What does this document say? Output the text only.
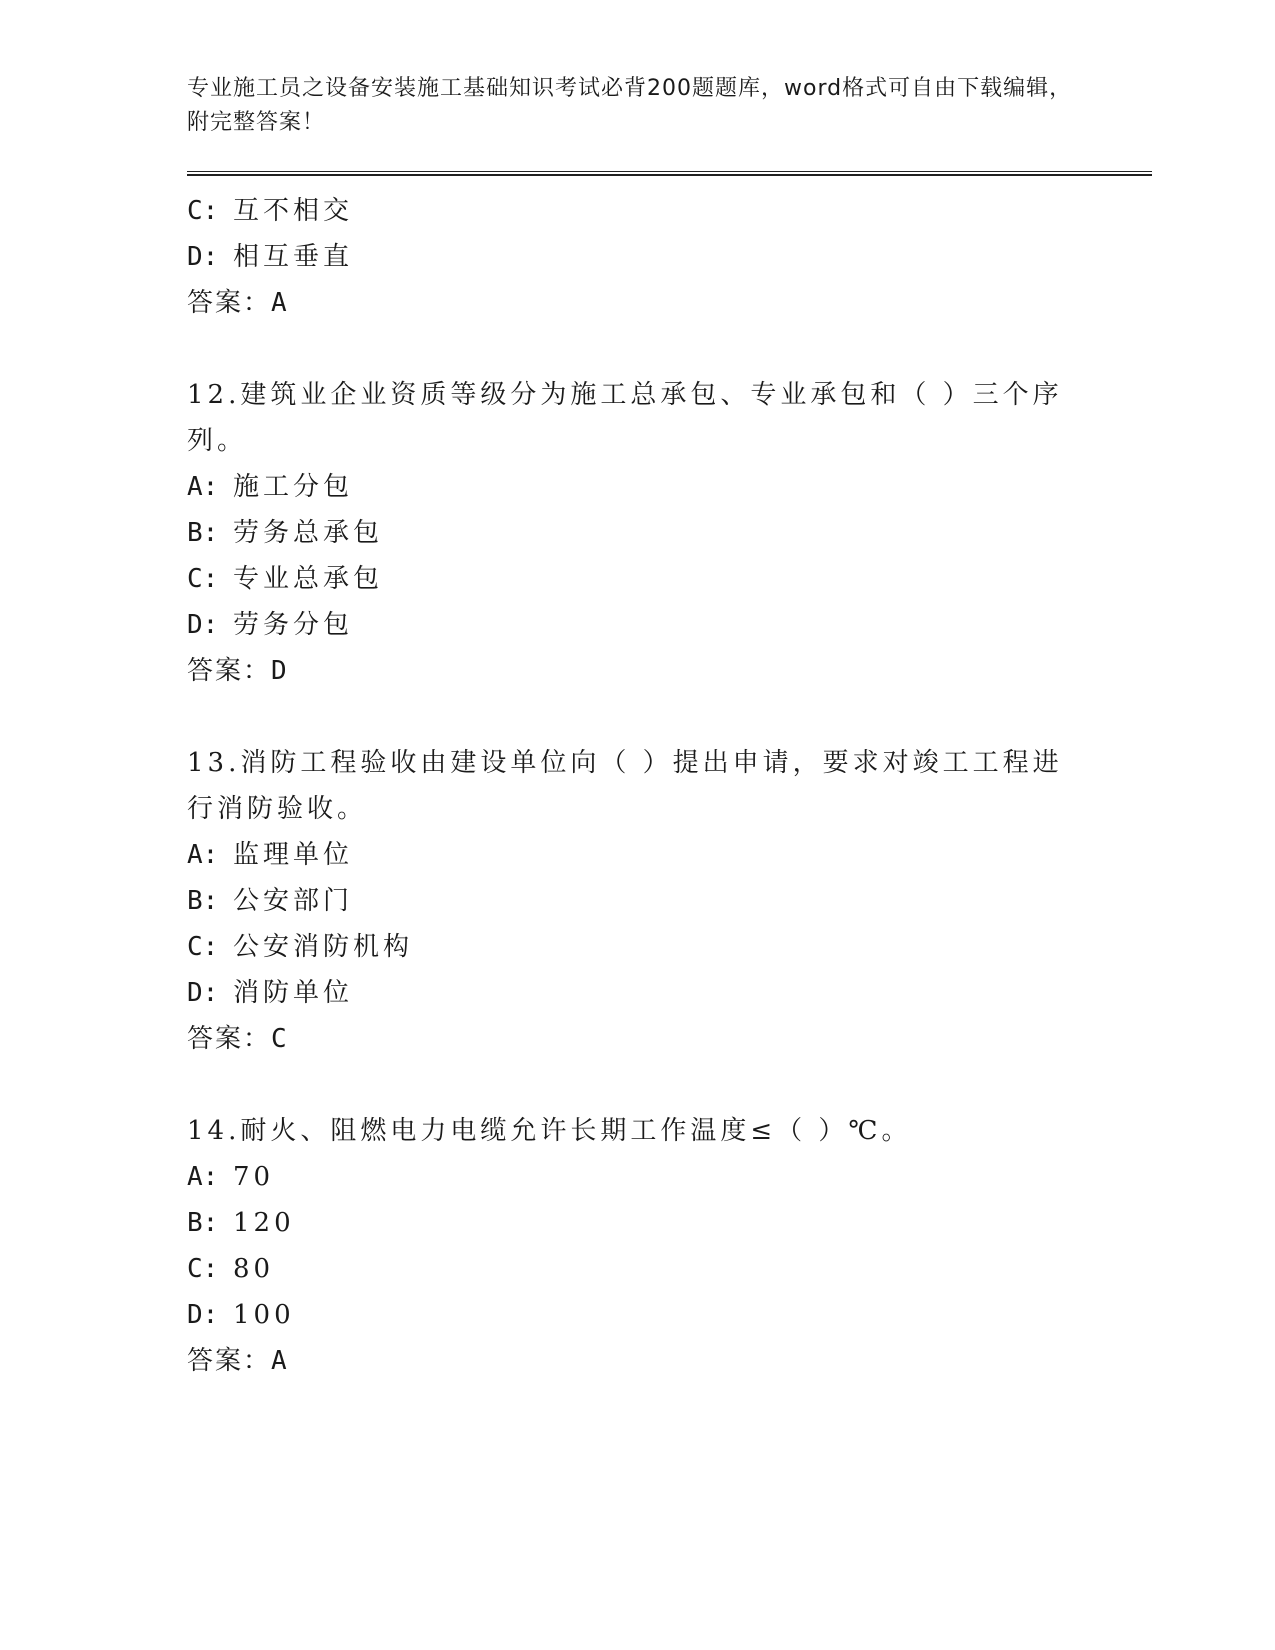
专业施工员之设备安装施工基础知识考试必背200题题库，word格式可自由下载编辑，附完整答案！
C: 互不相交
D: 相互垂直
答案：A
12.建筑业企业资质等级分为施工总承包、专业承包和（ ）三个序列。
A: 施工分包
B: 劳务总承包
C: 专业总承包
D: 劳务分包
答案：D
13.消防工程验收由建设单位向（ ）提出申请，要求对竣工工程进行消防验收。
A: 监理单位
B: 公安部门
C: 公安消防机构
D: 消防单位
答案：C
14.耐火、阻燃电力电缆允许长期工作温度≤（ ）℃。
A: 70
B: 120
C: 80
D: 100
答案：A
